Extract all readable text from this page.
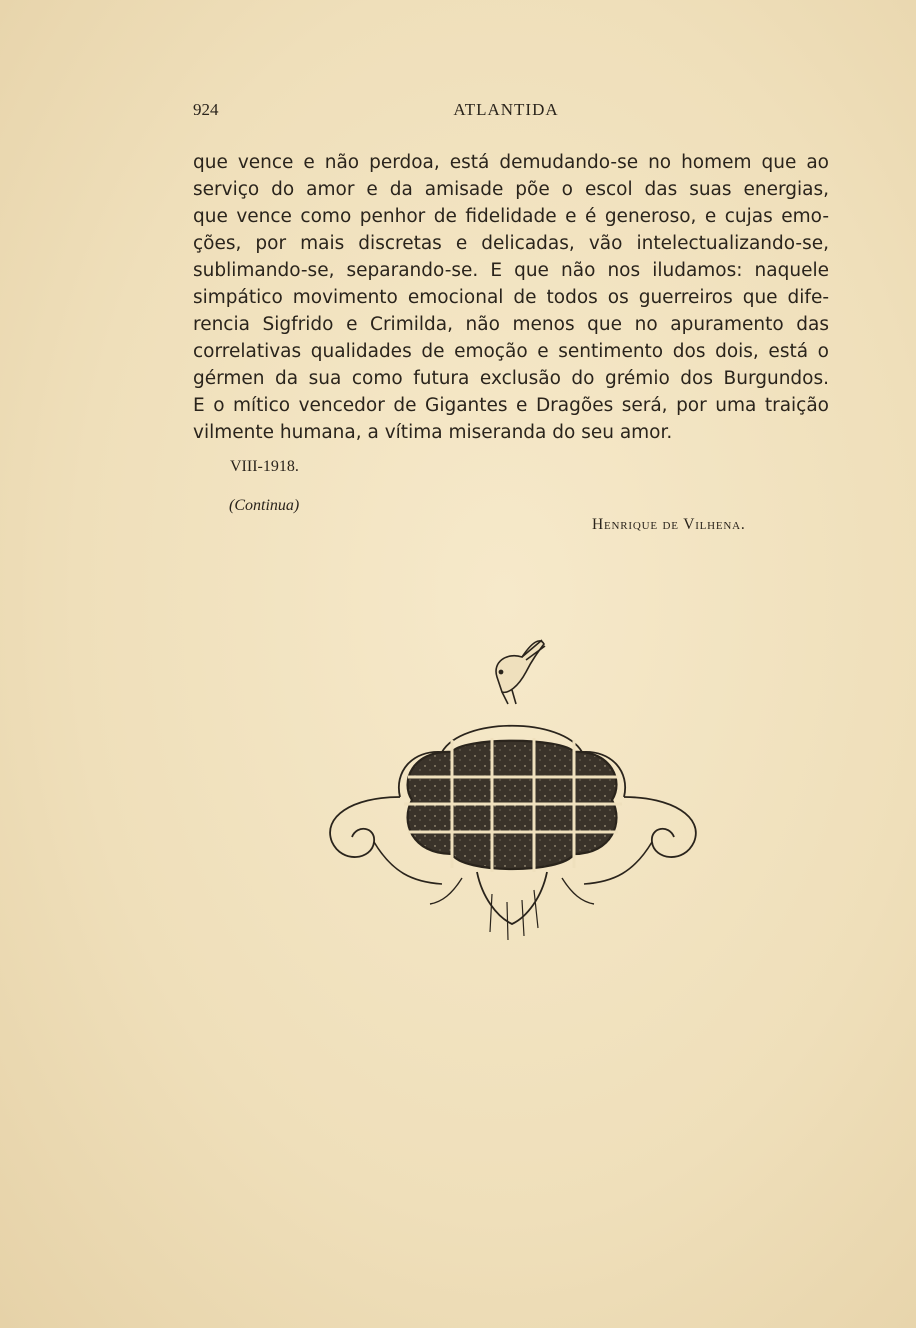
924	ATLANTIDA
que vence e não perdoa, está demudando-se no homem que ao
serviço do amor e da amisade põe o escol das suas energias,
que vence como penhor de fidelidade e é generoso, e cujas emo-
ções, por mais discretas e delicadas, vão intelectualizando-se,
sublimando-se, separando-se. E que não nos iludamos: naquele
simpático movimento emocional de todos os guerreiros que dife-
rencia Sigfrido e Crimilda, não menos que no apuramento das
correlativas qualidades de emoção e sentimento dos dois, está o
gérmen da sua como futura exclusão do grémio dos Burgundos.
E o mítico vencedor de Gigantes e Dragões será, por uma traição
vilmente humana, a vítima miseranda do seu amor.
VIII-1918.
(Continua)
Henrique de Vilhena.
